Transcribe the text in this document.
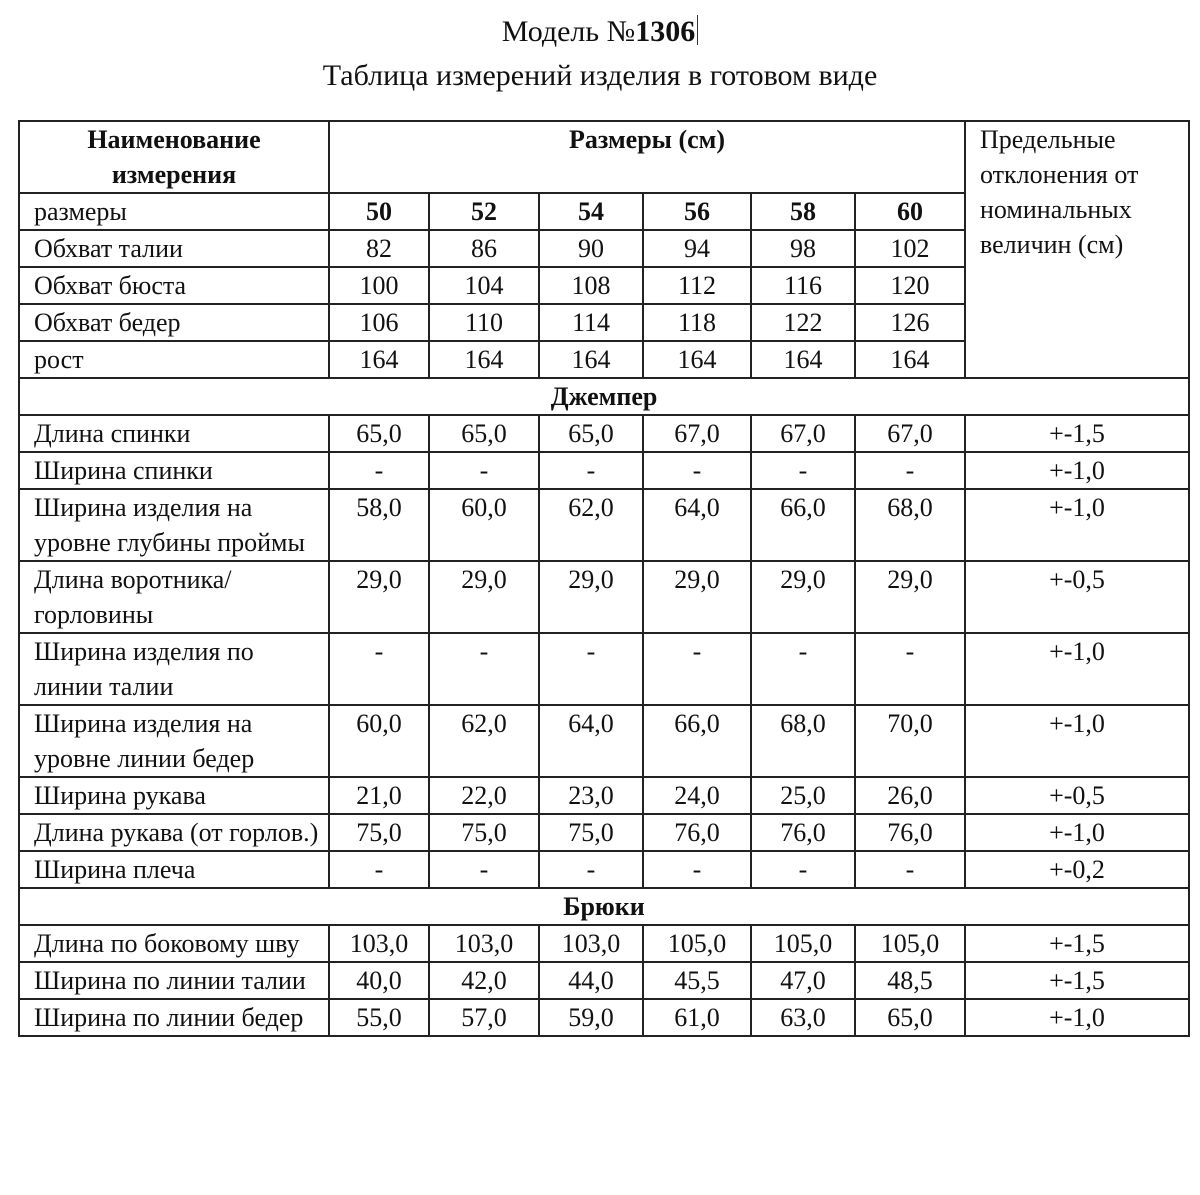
Модель №1306
Таблица измерений изделия в готовом виде
Наименование измерения	Размеры (см)						Предельные отклонения от номинальных величин (см)
размеры	50	52	54	56	58	60	
Обхват талии	82	86	90	94	98	102	
Обхват бюста	100	104	108	112	116	120	
Обхват бедер	106	110	114	118	122	126	
рост	164	164	164	164	164	164	
Джемпер							
Длина спинки	65,0	65,0	65,0	67,0	67,0	67,0	+-1,5
Ширина спинки	-	-	-	-	-	-	+-1,0
Ширина изделия на уровне глубины проймы	58,0	60,0	62,0	64,0	66,0	68,0	+-1,0
Длина воротника/горловины	29,0	29,0	29,0	29,0	29,0	29,0	+-0,5
Ширина изделия по линии талии	-	-	-	-	-	-	+-1,0
Ширина изделия на уровне линии бедер	60,0	62,0	64,0	66,0	68,0	70,0	+-1,0
Ширина рукава	21,0	22,0	23,0	24,0	25,0	26,0	+-0,5
Длина рукава (от горлов.)	75,0	75,0	75,0	76,0	76,0	76,0	+-1,0
Ширина плеча	-	-	-	-	-	-	+-0,2
Брюки							
Длина по боковому шву	103,0	103,0	103,0	105,0	105,0	105,0	+-1,5
Ширина по линии талии	40,0	42,0	44,0	45,5	47,0	48,5	+-1,5
Ширина по линии бедер	55,0	57,0	59,0	61,0	63,0	65,0	+-1,0
